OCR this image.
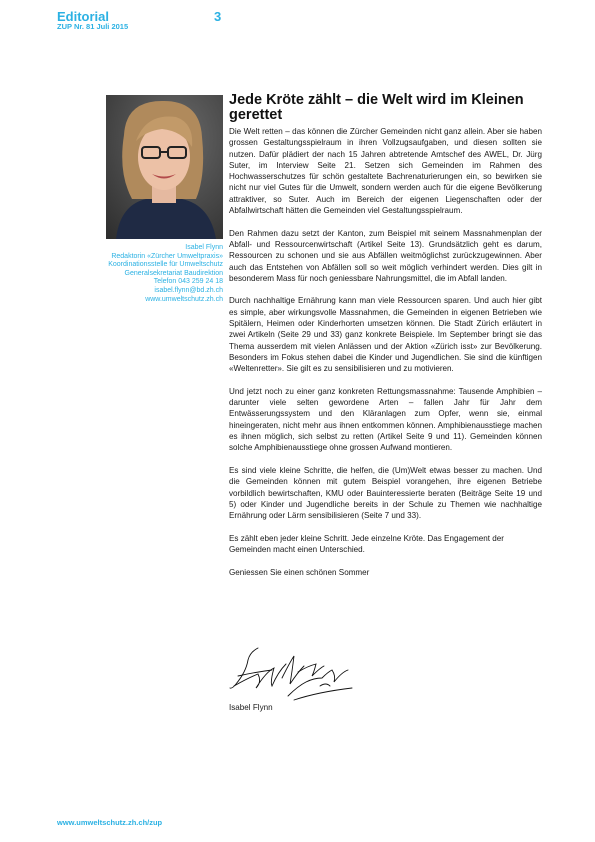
Editorial	3
ZUP Nr. 81 Juli 2015
Isabel Flynn
Redaktorin «Zürcher Umweltpraxis»
Koordinationsstelle für Umweltschutz
Generalsekretariat Baudirektion
Telefon 043 259 24 18
isabel.flynn@bd.zh.ch
www.umweltschutz.zh.ch
Jede Kröte zählt – die Welt wird im Kleinen gerettet

Die Welt retten – das können die Zürcher Gemeinden nicht ganz allein. Aber sie haben grossen Gestaltungsspielraum in ihren Vollzugsaufgaben, und diesen sollten sie nutzen. Dafür plädiert der nach 15 Jahren abtretende Amtschef des AWEL, Dr. Jürg Suter, im Interview Seite 21. Setzen sich Gemeinden im Rahmen des Hochwasserschutzes für schön gestaltete Bachrenaturierungen ein, so bewirken sie nicht nur viel Gutes für die Umwelt, sondern werden auch für die eigene Bevölkerung attraktiver, so Suter. Auch im Bereich der eigenen Liegenschaften oder der Abfallwirtschaft hätten die Gemeinden viel Gestaltungsspielraum.

Den Rahmen dazu setzt der Kanton, zum Beispiel mit seinem Massnahmenplan der Abfall- und Ressourcenwirtschaft (Artikel Seite 13). Grundsätzlich geht es darum, Ressourcen zu schonen und sie aus Abfällen weitmöglichst zurückzugewinnen. Aber auch das Entstehen von Abfällen soll so weit möglich verhindert werden. Dies gilt in besonderem Mass für noch geniessbare Nahrungsmittel, die im Abfall landen.

Durch nachhaltige Ernährung kann man viele Ressourcen sparen. Und auch hier gibt es simple, aber wirkungsvolle Massnahmen, die Gemeinden in eigenen Betrieben wie Spitälern, Heimen oder Kinderhorten umsetzen können. Die Stadt Zürich erläutert in zwei Artikeln (Seite 29 und 33) ganz konkrete Beispiele. Im September bringt sie das Thema ausserdem mit vielen Anlässen und der Aktion «Zürich isst» zur Bevölkerung. Besonders im Fokus stehen dabei die Kinder und Jugendlichen. Sie sind die künftigen «Weltenretter». Sie gilt es zu sensibilisieren und zu motivieren.

Und jetzt noch zu einer ganz konkreten Rettungsmassnahme: Tausende Amphibien – darunter viele selten gewordene Arten – fallen Jahr für Jahr dem Entwässerungssystem und den Kläranlagen zum Opfer, wenn sie, einmal hineingeraten, nicht mehr aus ihnen entkommen können. Amphibienausstiege machen es ihnen möglich, sich selbst zu retten (Artikel Seite 9 und 11). Gemeinden können solche Amphibienausstiege ohne grossen Aufwand montieren.

Es sind viele kleine Schritte, die helfen, die (Um)Welt etwas besser zu machen. Und die Gemeinden können mit gutem Beispiel vorangehen, ihre eigenen Betriebe vorbildlich bewirtschaften, KMU oder Bauinteressierte beraten (Beiträge Seite 19 und 5) oder Kinder und Jugendliche bereits in der Schule zu Themen wie nachhaltige Ernährung oder Lärm sensibilisieren (Seite 7 und 33).

Es zählt eben jeder kleine Schritt. Jede einzelne Kröte. Das Engagement der Gemeinden macht einen Unterschied.

Geniessen Sie einen schönen Sommer

Isabel Flynn
www.umweltschutz.zh.ch/zup
